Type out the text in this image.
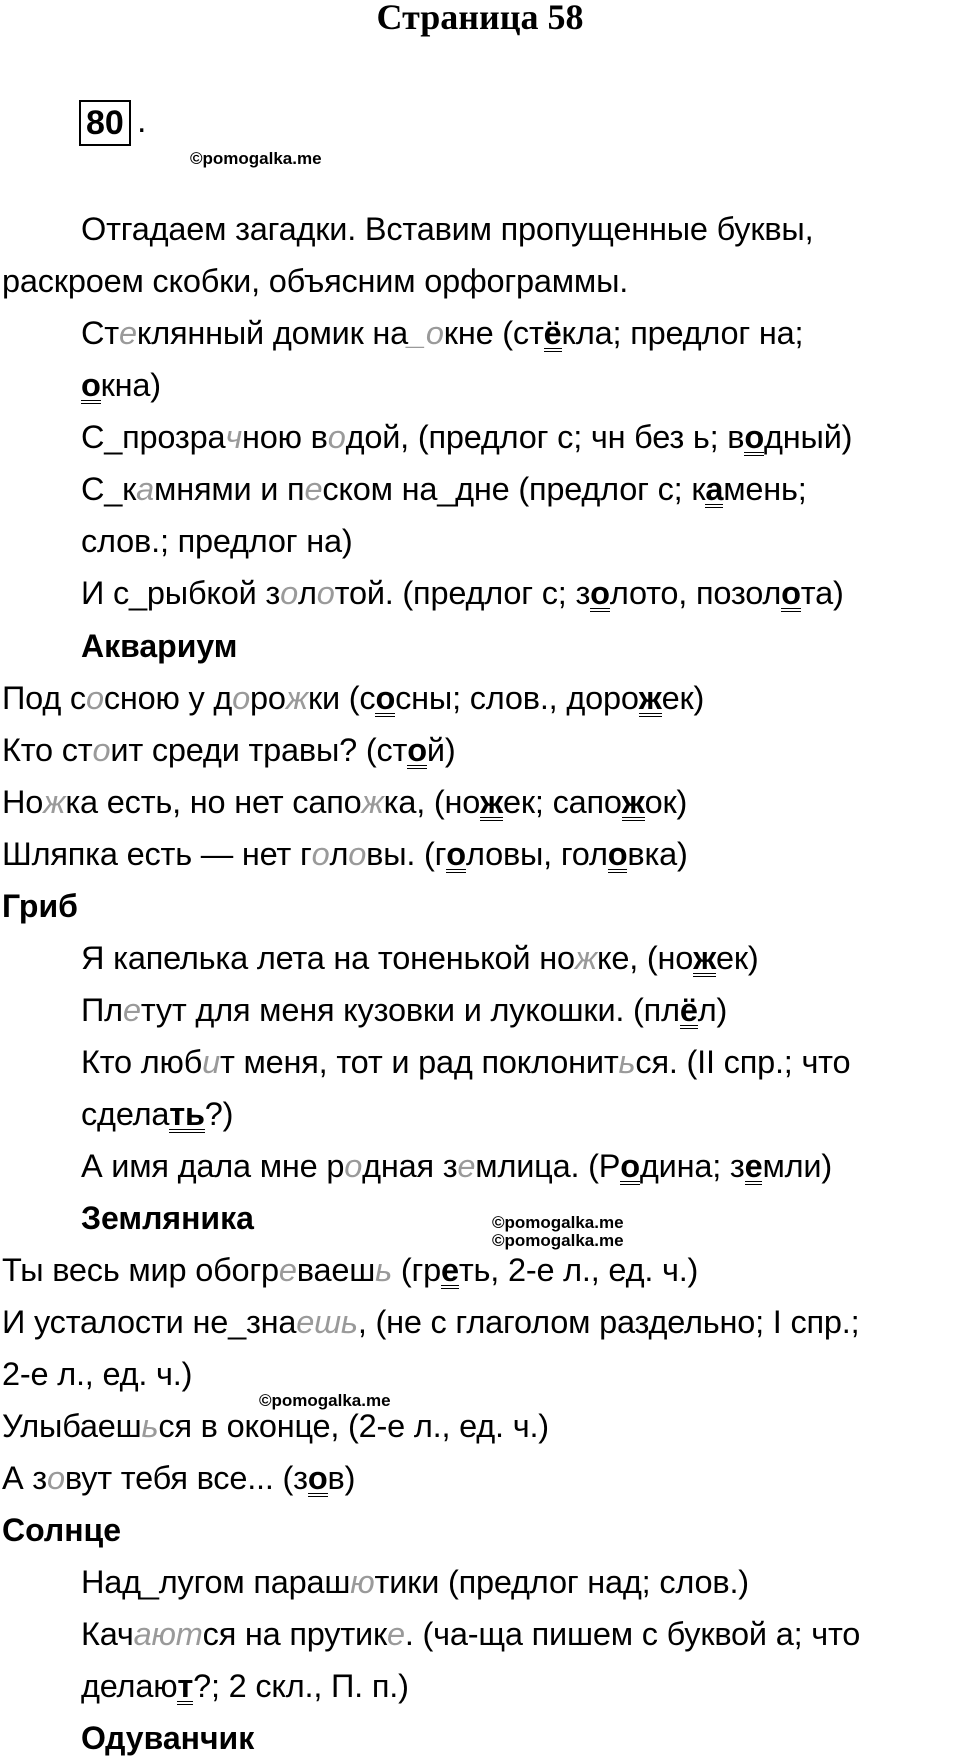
Страница 58
80 .
©pomogalka.me
©pomogalka.me
©pomogalka.me
©pomogalka.me
Отгадаем загадки. Вставим пропущенные буквы,
раскроем скобки, объясним орфограммы.
Стеклянный домик на_окне (стёкла; предлог на;
окна)
С_прозрачною водой, (предлог с; чн без ь; водный)
С_камнями и песком на_дне (предлог с; камень;
слов.; предлог на)
И с_рыбкой золотой. (предлог с; золото, позолота)
Аквариум
Под сосною у дорожки (сосны; слов., дорожек)
Кто стоит среди травы? (стой)
Ножка есть, но нет сапожка, (ножек; сапожок)
Шляпка есть — нет головы. (головы, головка)
Гриб
Я капелька лета на тоненькой ножке, (ножек)
Плетут для меня кузовки и лукошки. (плёл)
Кто любит меня, тот и рад поклониться. (II спр.; что
сделать?)
А имя дала мне родная землица. (Родина; земли)
Земляника
Ты весь мир обогреваешь (греть, 2-е л., ед. ч.)
И усталости не_знаешь, (не с глаголом раздельно; I спр.;
2-е л., ед. ч.)
Улыбаешься в оконце, (2-е л., ед. ч.)
А зовут тебя все... (зов)
Солнце
Над_лугом парашютики (предлог над; слов.)
Качаются на прутике. (ча-ща пишем с буквой а; что
делают?; 2 скл., П. п.)
Одуванчик
